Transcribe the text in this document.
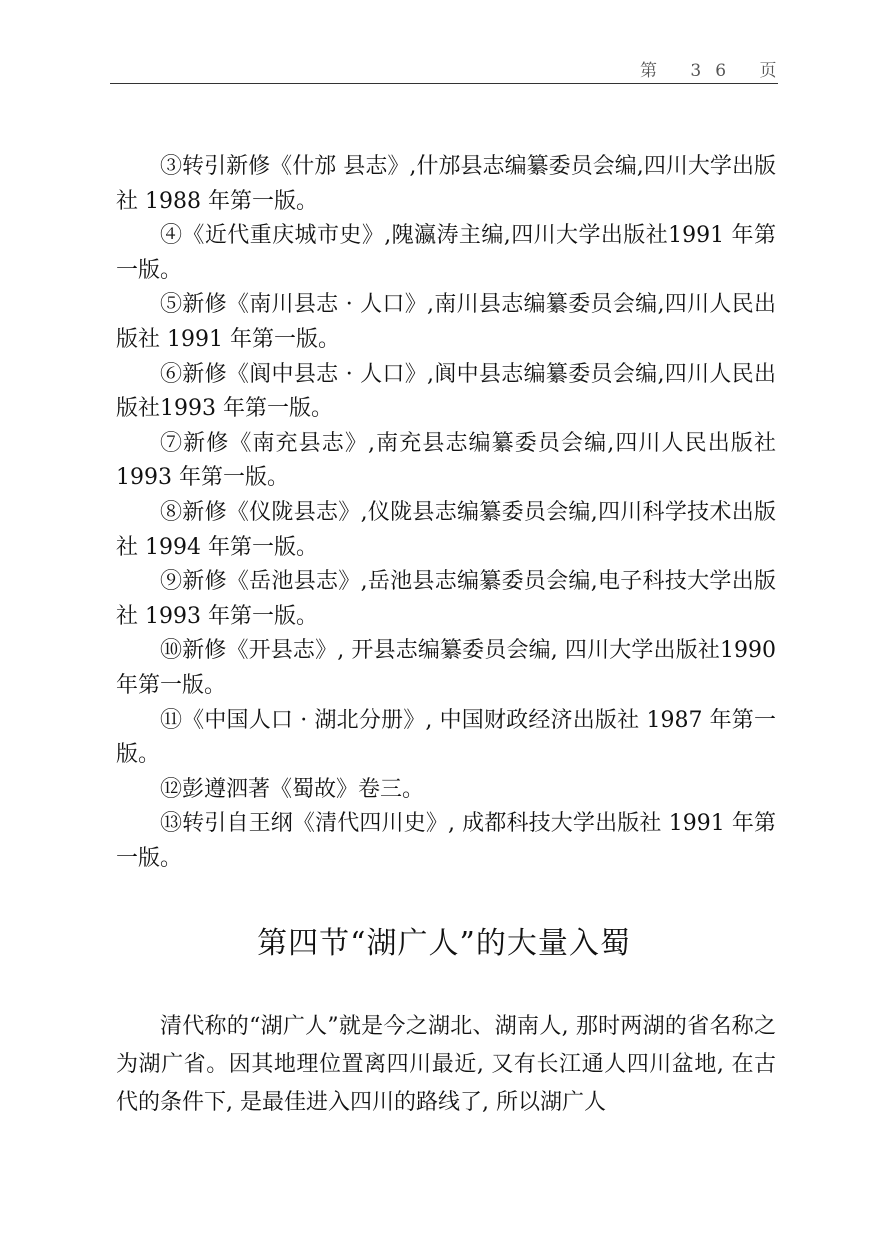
第 36 页

③转引新修《什邡 县志》,什邡县志编纂委员会编,四川大学出版社 1988 年第一版。

④《近代重庆城市史》,隗瀛涛主编,四川大学出版社1991 年第一版。

⑤新修《南川县志 · 人口》,南川县志编纂委员会编,四川人民出版社 1991 年第一版。

⑥新修《阆中县志 · 人口》,阆中县志编纂委员会编,四川人民出版社1993 年第一版。

⑦新修《南充县志》,南充县志编纂委员会编,四川人民出版社 1993 年第一版。

⑧新修《仪陇县志》,仪陇县志编纂委员会编,四川科学技术出版社 1994 年第一版。

⑨新修《岳池县志》,岳池县志编纂委员会编,电子科技大学出版社 1993 年第一版。

⑩新修《开县志》, 开县志编纂委员会编, 四川大学出版社1990 年第一版。

⑪《中国人口 · 湖北分册》, 中国财政经济出版社 1987 年第一版。

⑫彭遵泗著《蜀故》卷三。

⑬转引自王纲《清代四川史》, 成都科技大学出版社 1991 年第一版。

第四节“湖广人”的大量入蜀

清代称的“湖广人”就是今之湖北、湖南人, 那时两湖的省名称之为湖广省。因其地理位置离四川最近, 又有长江通人四川盆地, 在古代的条件下, 是最佳进入四川的路线了, 所以湖广人
